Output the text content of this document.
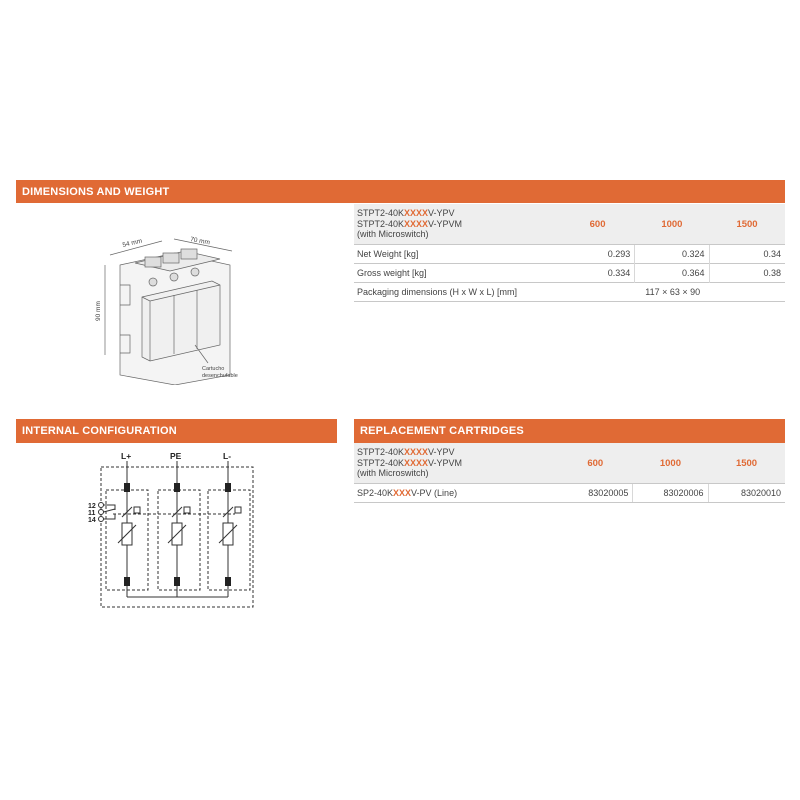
DIMENSIONS AND WEIGHT
54 mm	70 mm
90 mm
Cartucho
desenchufable
STPT2-40KXXXXV-YPV
STPT2-40KXXXXV-YPVM
(with Microswitch)	600	1000	1500
Net Weight [kg]	0.293	0.324	0.34
Gross weight [kg]	0.334	0.364	0.38
Packaging dimensions (H x W x L) [mm]	117 × 63 × 90		
INTERNAL CONFIGURATION
L+	PE	L-
12
11
14
REPLACEMENT CARTRIDGES
STPT2-40KXXXXV-YPV
STPT2-40KXXXXV-YPVM
(with Microswitch)	600	1000	1500
SP2-40KXXXV-PV (Line)	83020005	83020006	83020010
